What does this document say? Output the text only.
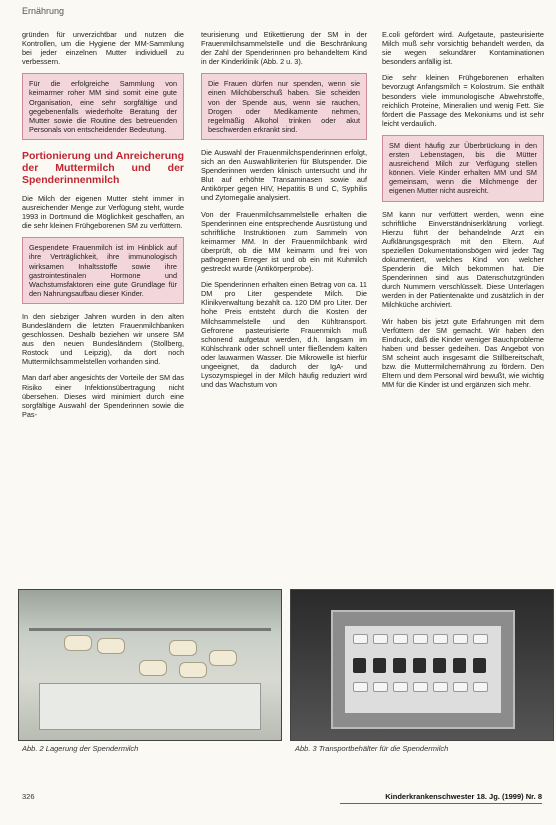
Ernährung

gründen für unverzichtbar und nutzen die Kontrollen, um die Hygiene der MM-Sammlung bei jeder einzelnen Mutter individuell zu verbessern.

Für die erfolgreiche Sammlung von keimarmer roher MM sind somit eine gute Organisation, eine sehr sorgfältige und gegebenenfalls wiederholte Beratung der Mutter sowie die Routine des betreuenden Personals von entscheidender Bedeutung.
Portionierung und Anreicherung der Muttermilch und der Spenderinnenmilch

Die Milch der eigenen Mutter steht immer in ausreichender Menge zur Verfügung steht, wurde 1993 in Dortmund die Möglichkeit geschaffen, an die sehr kleinen Frühgeborenen SM zu verfüttern.

Gespendete Frauenmilch ist im Hinblick auf ihre Verträglichkeit, ihre immunologisch wirksamen Inhaltsstoffe sowie ihre gastrointestinalen Hormone und Wachstumsfaktoren eine gute Grundlage für den Nahrungsaufbau dieser Kinder.

In den siebziger Jahren wurden in den alten Bundesländern die letzten Frauenmilchbanken geschlossen. Deshalb beziehen wir unsere SM aus den neuen Bundesländern (Stollberg, Rostock und Leipzig), da dort noch Muttermilchsammelstellen vorhanden sind.

Man darf aber angesichts der Vorteile der SM das Risiko einer Infektionsübertragung nicht übersehen. Dieses wird minimiert durch eine sorgfältige Auswahl der Spenderinnen sowie die Pas-

teurisierung und Etikettierung der SM in der Frauenmilchsammelstelle und die Beschränkung der Zahl der Spenderinnen pro behandeltem Kind in der Kinderklinik (Abb. 2 u. 3).

Die Frauen dürfen nur spenden, wenn sie einen Milchüberschuß haben. Sie scheiden von der Spende aus, wenn sie rauchen, Drogen oder Medikamente nehmen, regelmäßig Alkohol trinken oder akut beschwerden erkrankt sind.

Die Auswahl der Frauenmilchspenderinnen erfolgt, sich an den Auswahlkriterien für Blutspender. Die Spenderinnen werden klinisch untersucht und ihr Blut auf erhöhte Transaminasen sowie auf Antikörper gegen HIV, Hepatitis B und C, Syphilis und Zytomegalie analysiert.

Von der Frauenmilchsammelstelle erhalten die Spenderinnen eine entsprechende Ausrüstung und schriftliche Instruktionen zum Sammeln von keimarmer MM. In der Frauenmilchbank wird überprüft, ob die MM keimarm und frei von pathogenen Erreger ist und ob ein mit Kuhmilch gestreckt wurde (Antikörperprobe).

Die Spenderinnen erhalten einen Betrag von ca. 11 DM pro Liter gespendete Milch. Die Klinikverwaltung bezahlt ca. 120 DM pro Liter. Der hohe Preis entsteht durch die Kosten der Milchsammelstelle und den Kühltransport. Gefrorene pasteurisierte Frauenmilch muß schonend aufgetaut werden, d.h. langsam im Kühlschrank oder schnell unter fließendem kalten oder lauwarmen Wasser. Die Mikrowelle ist hierfür ungeeignet, da dadurch der IgA- und Lysozymspiegel in der Milch häufig reduziert wird und das Wachstum von

E.coli gefördert wird. Aufgetaute, pasteurisierte Milch muß sehr vorsichtig behandelt werden, da sie wegen sekundärer Kontaminationen besonders anfällig ist.

Die sehr kleinen Frühgeborenen erhalten bevorzugt Anfangsmilch = Kolostrum. Sie enthält besonders viele immunologische Abwehrstoffe, reichlich Proteine, Mineralien und wenig Fett. Sie fördert die Passage des Mekoniums und ist sehr leicht verdaulich.

SM dient häufig zur Überbrückung in den ersten Lebenstagen, bis die Mütter ausreichend Milch zur Verfügung stellen können. Viele Kinder erhalten MM und SM gemeinsam, wenn die Milchmenge der eigenen Mutter nicht ausreicht.

SM kann nur verfüttert werden, wenn eine schriftliche Einverständniserklärung vorliegt. Hierzu führt der behandelnde Arzt ein Aufklärungsgespräch mit den Eltern. Auf speziellen Dokumentationsbögen wird jeder Tag dokumentiert, welches Kind von welcher Spenderin die Milch bekommen hat. Die Spenderinnen sind aus Datenschutzgründen durch Nummern verschlüsselt. Diese Unterlagen werden in der Patientenakte und zusätzlich in der Milchküche archiviert.

Wir haben bis jetzt gute Erfahrungen mit dem Verfüttern der SM gemacht. Wir haben den Eindruck, daß die Kinder weniger Bauchprobleme haben und besser gedeihen. Das Angebot von SM scheint auch insgesamt die Stillbereitschaft, bzw. die Muttermilchernährung zu fördern. Den Eltern und dem Personal wird bewußt, wie wichtig MM für die Kinder ist und ergänzen sich mehr.

Abb. 2 Lagerung der Spendermilch	Abb. 3 Transportbehälter für die Spendermilch
326	Kinderkrankenschwester 18. Jg. (1999) Nr. 8
